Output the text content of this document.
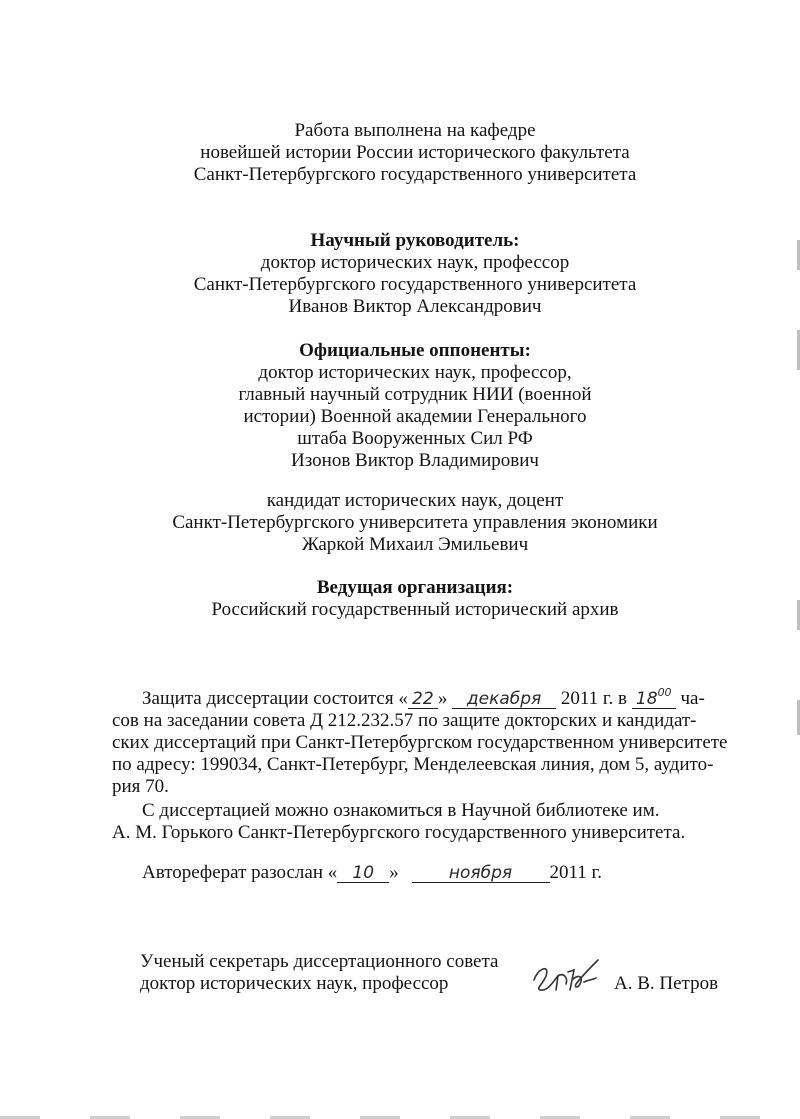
Работа выполнена на кафедре
новейшей истории России исторического факультета
Санкт-Петербургского государственного университета
Научный руководитель:
доктор исторических наук, профессор
Санкт-Петербургского государственного университета
Иванов Виктор Александрович
Официальные оппоненты:
доктор исторических наук, профессор,
главный научный сотрудник НИИ (военной
истории) Военной академии Генерального
штаба Вооруженных Сил РФ
Изонов Виктор Владимирович
кандидат исторических наук, доцент
Санкт-Петербургского университета управления экономики
Жаркой Михаил Эмильевич
Ведущая организация:
Российский государственный исторический архив
Защита диссертации состоится « 22 » декабря 2011 г. в $18^{00}$ ча-
сов на заседании совета Д 212.232.57 по защите докторских и кандидат-
ских диссертаций при Санкт-Петербургском государственном университете
по адресу: 199034, Санкт-Петербург, Менделеевская линия, дом 5, аудито-
рия 70.
С диссертацией можно ознакомиться в Научной библиотеке им.
А. М. Горького Санкт-Петербургского государственного университета.
Автореферат разослан « 10 »	ноября 2011 г.
Ученый секретарь диссертационного совета
доктор исторических наук, профессор	А. В. Петров
